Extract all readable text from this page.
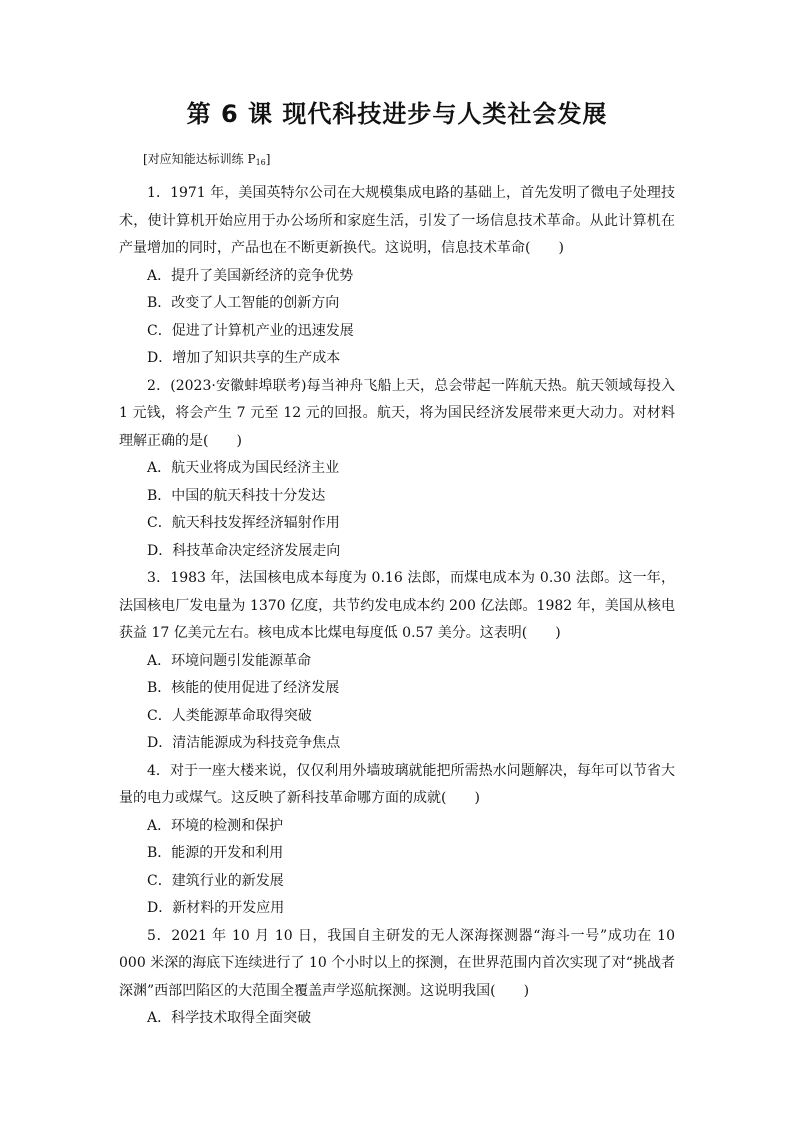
第 6 课 现代科技进步与人类社会发展
[对应知能达标训练 $P_{16}$]

1．1971 年，美国英特尔公司在大规模集成电路的基础上，首先发明了微电子处理技术，使计算机开始应用于办公场所和家庭生活，引发了一场信息技术革命。从此计算机在产量增加的同时，产品也在不断更新换代。这说明，信息技术革命(　　)

A．提升了美国新经济的竞争优势

B．改变了人工智能的创新方向

C．促进了计算机产业的迅速发展

D．增加了知识共享的生产成本

2．(2023·安徽蚌埠联考)每当神舟飞船上天，总会带起一阵航天热。航天领域每投入 1 元钱，将会产生 7 元至 12 元的回报。航天，将为国民经济发展带来更大动力。对材料理解正确的是(　　)

A．航天业将成为国民经济主业

B．中国的航天科技十分发达

C．航天科技发挥经济辐射作用

D．科技革命决定经济发展走向

3．1983 年，法国核电成本每度为 0.16 法郎，而煤电成本为 0.30 法郎。这一年，法国核电厂发电量为 1370 亿度，共节约发电成本约 200 亿法郎。1982 年，美国从核电获益 17 亿美元左右。核电成本比煤电每度低 0.57 美分。这表明(　　)

A．环境问题引发能源革命

B．核能的使用促进了经济发展

C．人类能源革命取得突破

D．清洁能源成为科技竞争焦点

4．对于一座大楼来说，仅仅利用外墙玻璃就能把所需热水问题解决，每年可以节省大量的电力或煤气。这反映了新科技革命哪方面的成就(　　)

A．环境的检测和保护

B．能源的开发和利用

C．建筑行业的新发展

D．新材料的开发应用

5．2021 年 10 月 10 日，我国自主研发的无人深海探测器“海斗一号”成功在 10 000 米深的海底下连续进行了 10 个小时以上的探测，在世界范围内首次实现了对“挑战者深渊”西部凹陷区的大范围全覆盖声学巡航探测。这说明我国(　　)

A．科学技术取得全面突破
